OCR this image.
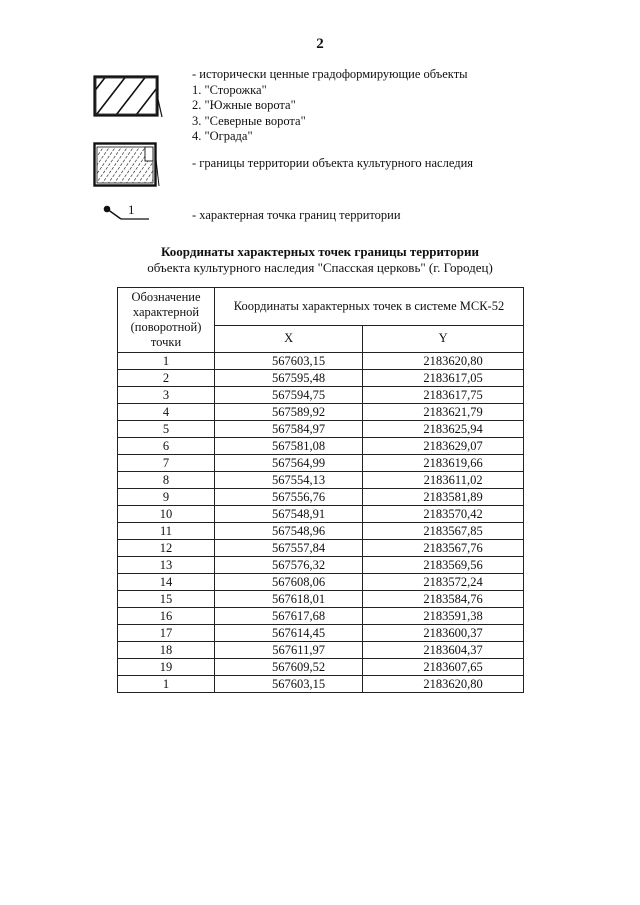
2
- исторически ценные градоформирующие объекты
1. "Сторожка"
2. "Южные ворота"
3. "Северные ворота"
4. "Ограда"
- границы территории объекта культурного наследия
1	- характерная точка границ территории
Координаты характерных точек границы территории
объекта культурного наследия "Спасская церковь" (г. Городец)
Обозначение характерной (поворотной) точки	Координаты характерных точек в системе МСК-52	
	X	Y
1	567603,15	2183620,80
2	567595,48	2183617,05
3	567594,75	2183617,75
4	567589,92	2183621,79
5	567584,97	2183625,94
6	567581,08	2183629,07
7	567564,99	2183619,66
8	567554,13	2183611,02
9	567556,76	2183581,89
10	567548,91	2183570,42
11	567548,96	2183567,85
12	567557,84	2183567,76
13	567576,32	2183569,56
14	567608,06	2183572,24
15	567618,01	2183584,76
16	567617,68	2183591,38
17	567614,45	2183600,37
18	567611,97	2183604,37
19	567609,52	2183607,65
1	567603,15	2183620,80
